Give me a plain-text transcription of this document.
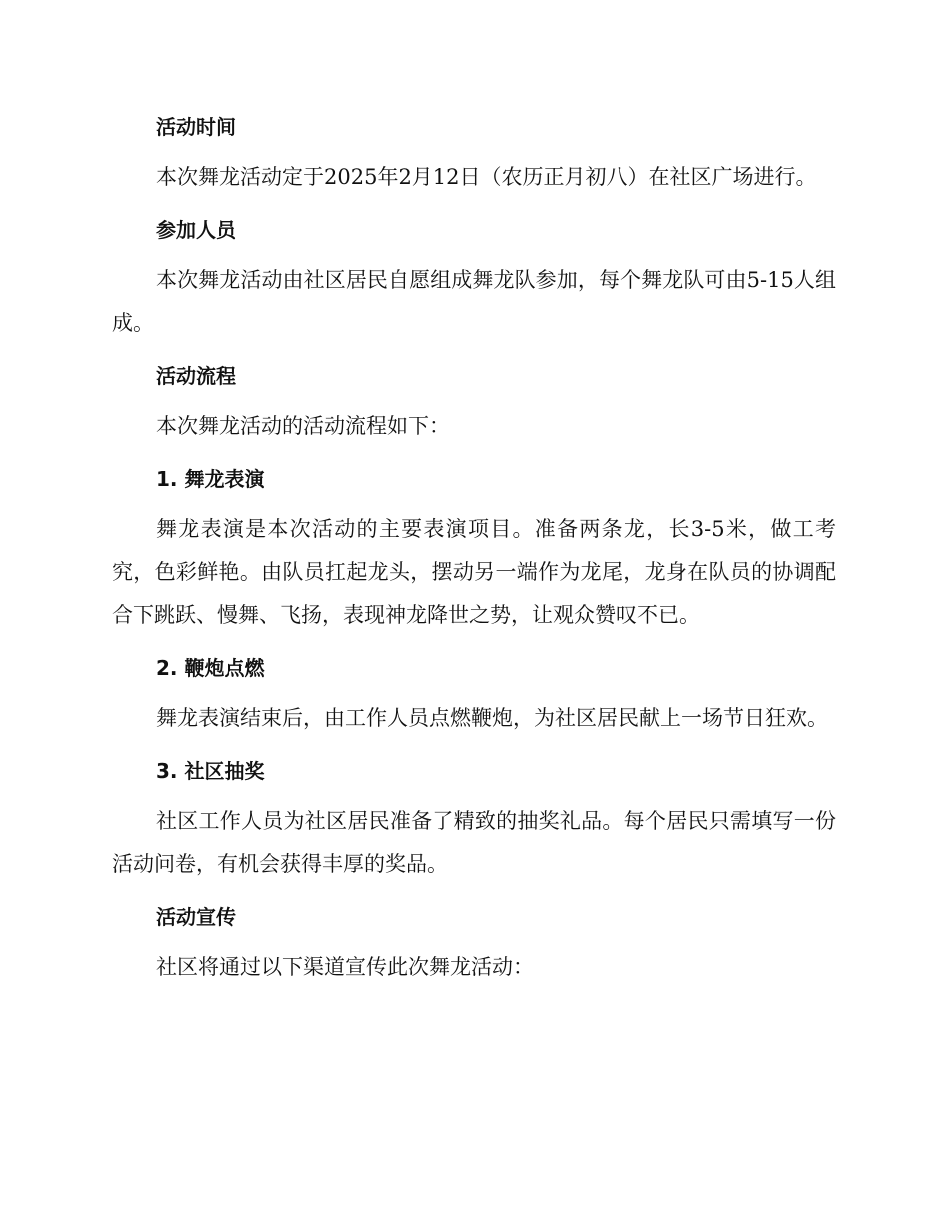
活动时间

本次舞龙活动定于2025年2月12日（农历正月初八）在社区广场进行。

参加人员

本次舞龙活动由社区居民自愿组成舞龙队参加，每个舞龙队可由5-15人组成。

活动流程

本次舞龙活动的活动流程如下：

1. 舞龙表演

舞龙表演是本次活动的主要表演项目。准备两条龙，长3-5米，做工考究，色彩鲜艳。由队员扛起龙头，摆动另一端作为龙尾，龙身在队员的协调配合下跳跃、慢舞、飞扬，表现神龙降世之势，让观众赞叹不已。

2. 鞭炮点燃

舞龙表演结束后，由工作人员点燃鞭炮，为社区居民献上一场节日狂欢。

3. 社区抽奖

社区工作人员为社区居民准备了精致的抽奖礼品。每个居民只需填写一份活动问卷，有机会获得丰厚的奖品。

活动宣传

社区将通过以下渠道宣传此次舞龙活动：
